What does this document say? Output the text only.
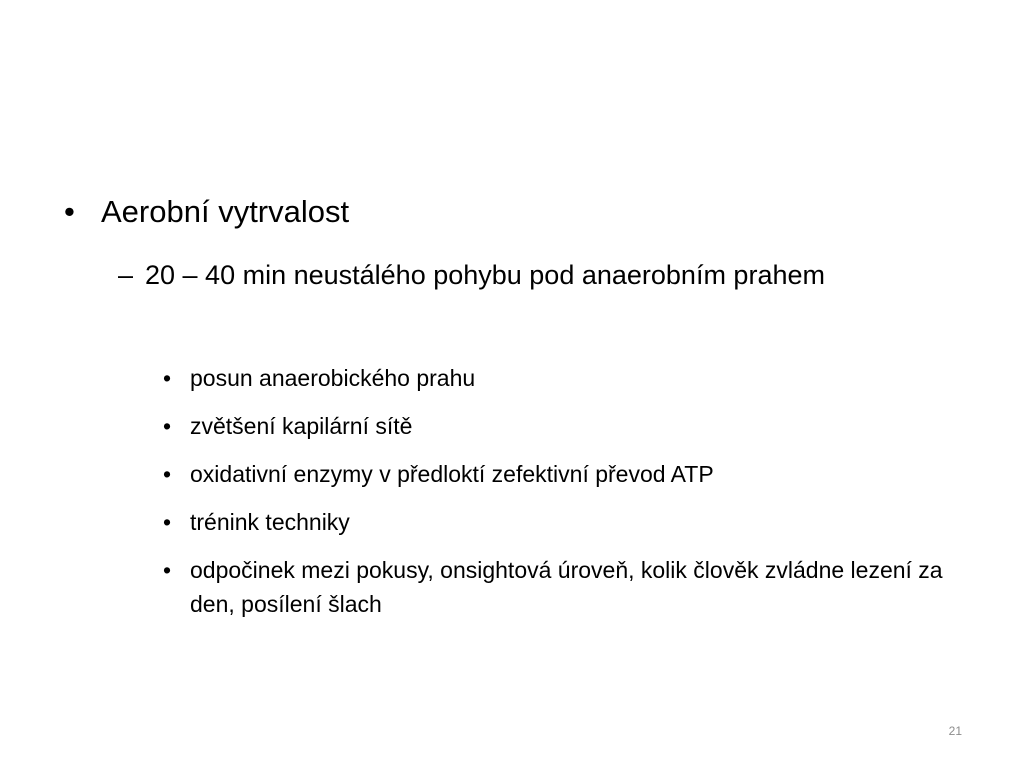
• Aerobní vytrvalost
– 20 – 40 min neustálého pohybu pod anaerobním prahem
• posun anaerobického prahu
• zvětšení kapilární sítě
• oxidativní enzymy v předloktí zefektivní převod ATP
• trénink techniky
• odpočinek mezi pokusy, onsightová úroveň, kolik člověk zvládne lezení za den, posílení šlach
21
